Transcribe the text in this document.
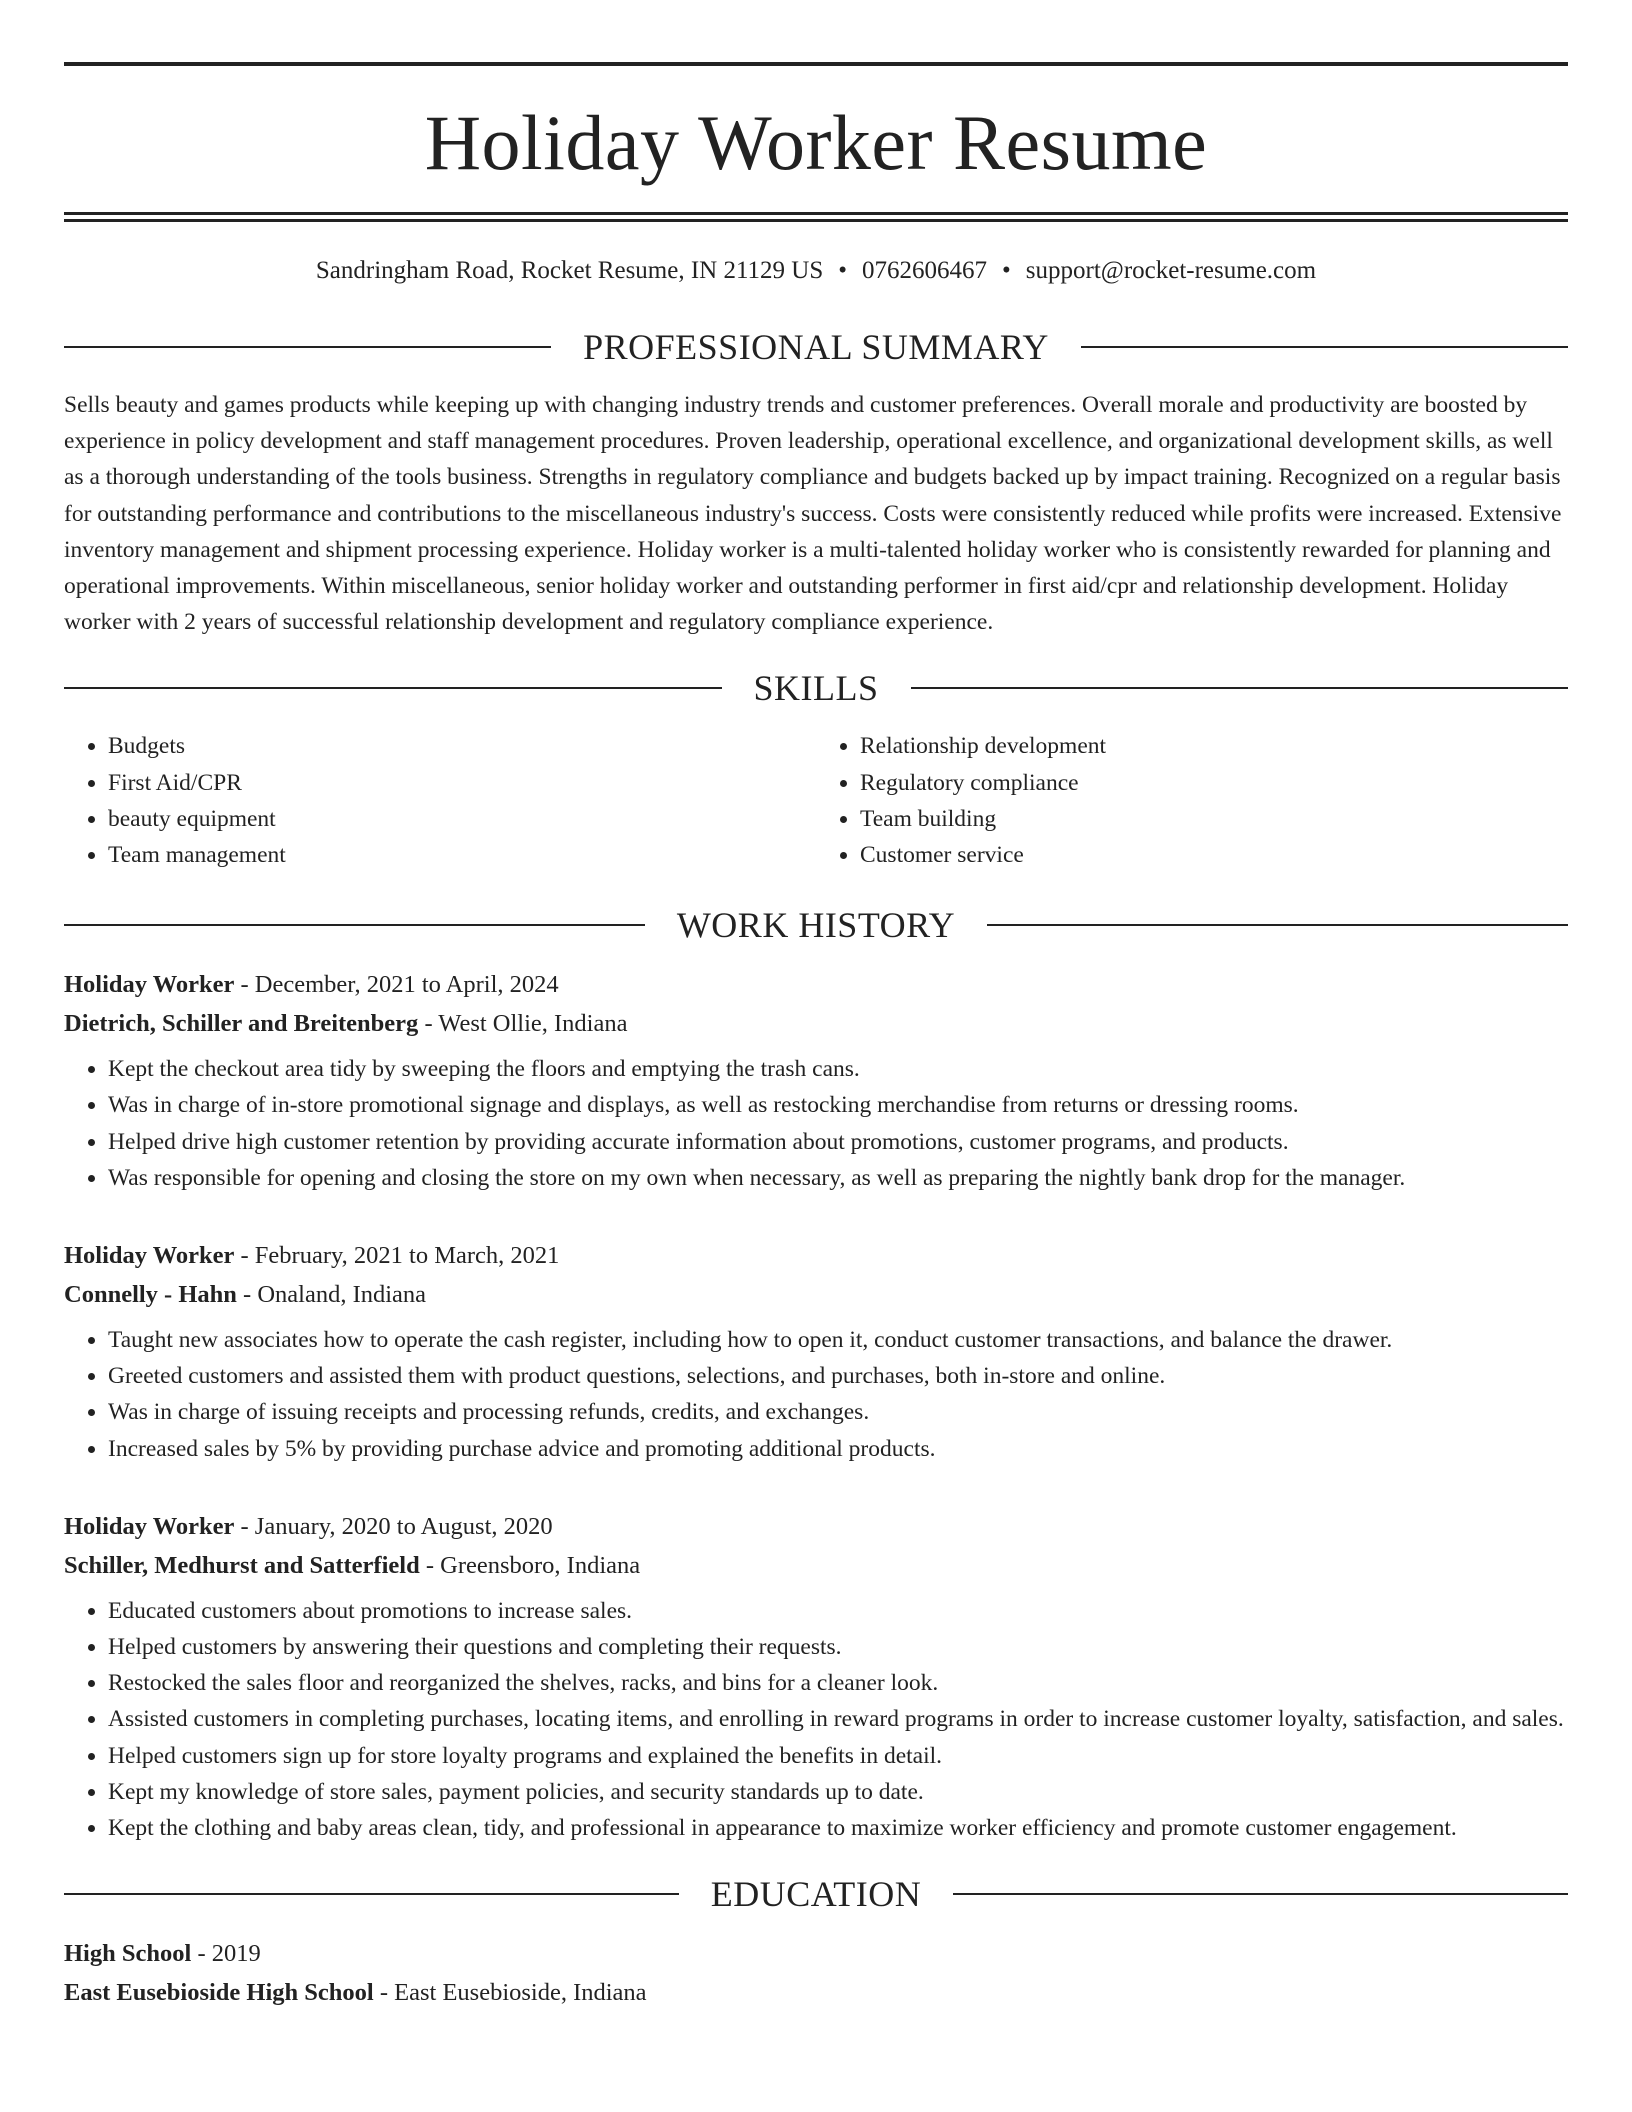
Holiday Worker Resume
Sandringham Road, Rocket Resume, IN 21129 US • 0762606467 • support@rocket-resume.com
PROFESSIONAL SUMMARY

Sells beauty and games products while keeping up with changing industry trends and customer preferences. Overall morale and productivity are boosted by experience in policy development and staff management procedures. Proven leadership, operational excellence, and organizational development skills, as well as a thorough understanding of the tools business. Strengths in regulatory compliance and budgets backed up by impact training. Recognized on a regular basis for outstanding performance and contributions to the miscellaneous industry's success. Costs were consistently reduced while profits were increased. Extensive inventory management and shipment processing experience. Holiday worker is a multi-talented holiday worker who is consistently rewarded for planning and operational improvements. Within miscellaneous, senior holiday worker and outstanding performer in first aid/cpr and relationship development. Holiday worker with 2 years of successful relationship development and regulatory compliance experience.

SKILLS
• Budgets
• First Aid/CPR
• beauty equipment
• Team management
• Relationship development
• Regulatory compliance
• Team building
• Customer service
WORK HISTORY
Holiday Worker - December, 2021 to April, 2024
Dietrich, Schiller and Breitenberg - West Ollie, Indiana
• Kept the checkout area tidy by sweeping the floors and emptying the trash cans.
• Was in charge of in-store promotional signage and displays, as well as restocking merchandise from returns or dressing rooms.
• Helped drive high customer retention by providing accurate information about promotions, customer programs, and products.
• Was responsible for opening and closing the store on my own when necessary, as well as preparing the nightly bank drop for the manager.
Holiday Worker - February, 2021 to March, 2021
Connelly - Hahn - Onaland, Indiana
• Taught new associates how to operate the cash register, including how to open it, conduct customer transactions, and balance the drawer.
• Greeted customers and assisted them with product questions, selections, and purchases, both in-store and online.
• Was in charge of issuing receipts and processing refunds, credits, and exchanges.
• Increased sales by 5% by providing purchase advice and promoting additional products.
Holiday Worker - January, 2020 to August, 2020
Schiller, Medhurst and Satterfield - Greensboro, Indiana
• Educated customers about promotions to increase sales.
• Helped customers by answering their questions and completing their requests.
• Restocked the sales floor and reorganized the shelves, racks, and bins for a cleaner look.
• Assisted customers in completing purchases, locating items, and enrolling in reward programs in order to increase customer loyalty, satisfaction, and sales.
• Helped customers sign up for store loyalty programs and explained the benefits in detail.
• Kept my knowledge of store sales, payment policies, and security standards up to date.
• Kept the clothing and baby areas clean, tidy, and professional in appearance to maximize worker efficiency and promote customer engagement.
EDUCATION
High School - 2019
East Eusebioside High School - East Eusebioside, Indiana
